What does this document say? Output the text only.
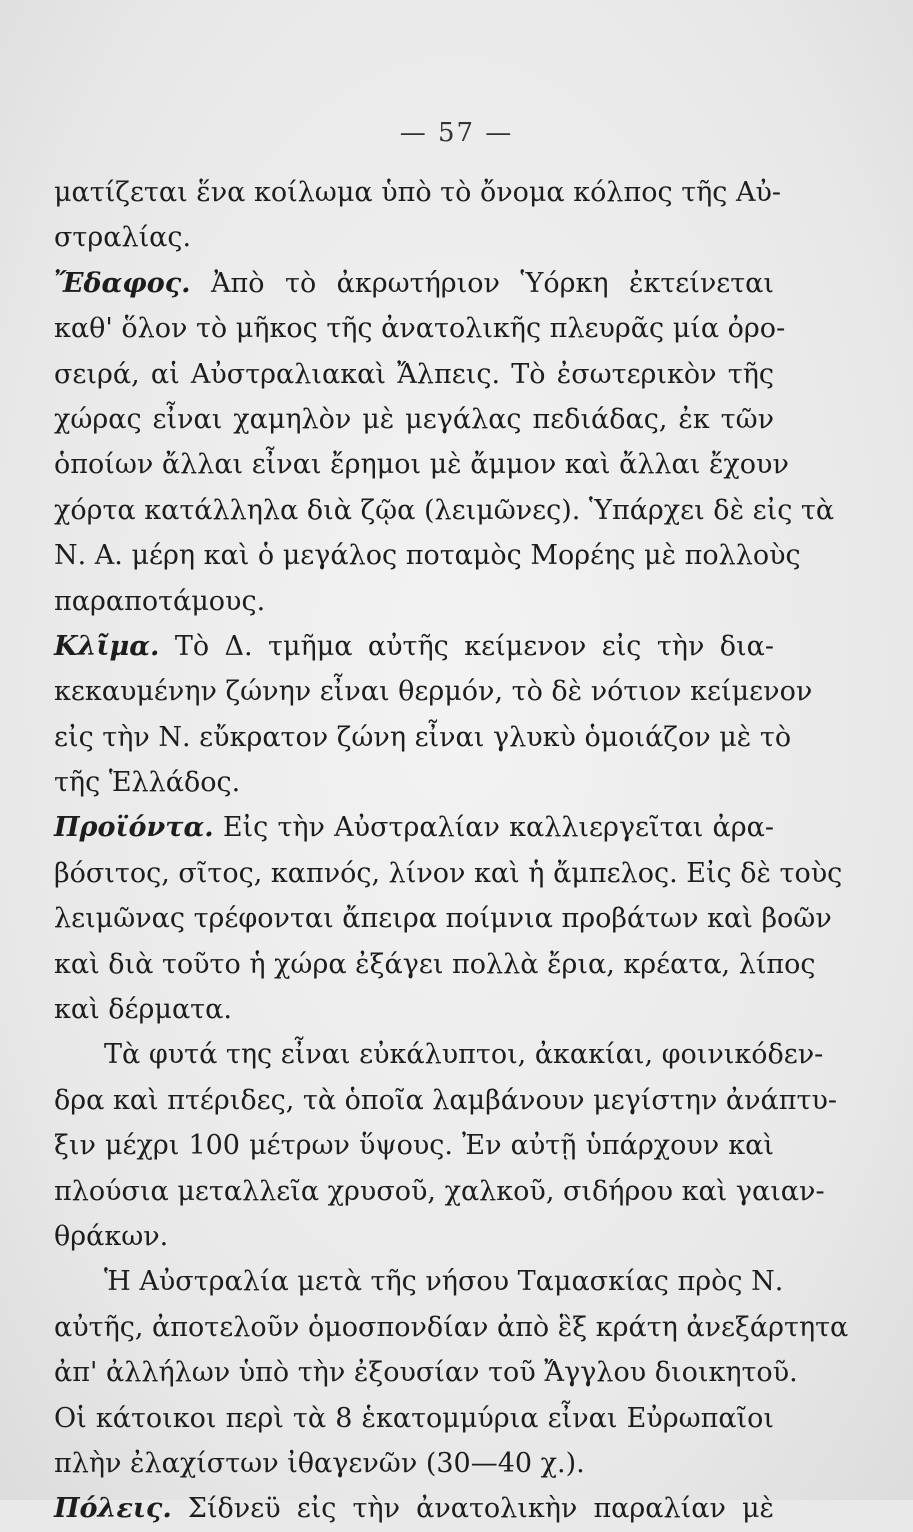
— 57 —
ματίζεται ἕνα κοίλωμα ὑπὸ τὸ ὄνομα κόλπος τῆς Αὐ-
στραλίας.
Ἔδαφος. Ἀπὸ τὸ ἀκρωτήριον Ὑόρκη ἐκτείνεται
καθ' ὅλον τὸ μῆκος τῆς ἀνατολικῆς πλευρᾶς μία ὀρο-
σειρά, αἱ Αὐστραλιακαὶ Ἄλπεις. Τὸ ἐσωτερικὸν τῆς
χώρας εἶναι χαμηλὸν μὲ μεγάλας πεδιάδας, ἐκ τῶν
ὁποίων ἄλλαι εἶναι ἔρημοι μὲ ἄμμον καὶ ἄλλαι ἔχουν
χόρτα κατάλληλα διὰ ζῷα (λειμῶνες). Ὑπάρχει δὲ εἰς τὰ
Ν. Α. μέρη καὶ ὁ μεγάλος ποταμὸς Μορέης μὲ πολλοὺς
παραποτάμους.
Κλῖμα. Τὸ Δ. τμῆμα αὐτῆς κείμενον εἰς τὴν δια-
κεκαυμένην ζώνην εἶναι θερμόν, τὸ δὲ νότιον κείμενον
εἰς τὴν Ν. εὔκρατον ζώνη εἶναι γλυκὺ ὁμοιάζον μὲ τὸ
τῆς Ἑλλάδος.
Προϊόντα. Εἰς τὴν Αὐστραλίαν καλλιεργεῖται ἀρα-
βόσιτος, σῖτος, καπνός, λίνον καὶ ἡ ἄμπελος. Εἰς δὲ τοὺς
λειμῶνας τρέφονται ἄπειρα ποίμνια προβάτων καὶ βοῶν
καὶ διὰ τοῦτο ἡ χώρα ἐξάγει πολλὰ ἔρια, κρέατα, λίπος
καὶ δέρματα.
Τὰ φυτά της εἶναι εὐκάλυπτοι, ἀκακίαι, φοινικόδεν-
δρα καὶ πτέριδες, τὰ ὁποῖα λαμβάνουν μεγίστην ἀνάπτυ-
ξιν μέχρι 100 μέτρων ὕψους. Ἐν αὐτῇ ὑπάρχουν καὶ
πλούσια μεταλλεῖα χρυσοῦ, χαλκοῦ, σιδήρου καὶ γαιαν-
θράκων.
Ἡ Αὐστραλία μετὰ τῆς νήσου Ταμασκίας πρὸς Ν.
αὐτῆς, ἀποτελοῦν ὁμοσπονδίαν ἀπὸ ἓξ κράτη ἀνεξάρτητα
ἀπ' ἀλλήλων ὑπὸ τὴν ἐξουσίαν τοῦ Ἄγγλου διοικητοῦ.
Οἱ κάτοικοι περὶ τὰ 8 ἑκατομμύρια εἶναι Εὐρωπαῖοι
πλὴν ἐλαχίστων ἰθαγενῶν (30—40 χ.).
Πόλεις. Σίδνεϋ εἰς τὴν ἀνατολικὴν παραλίαν μὲ
